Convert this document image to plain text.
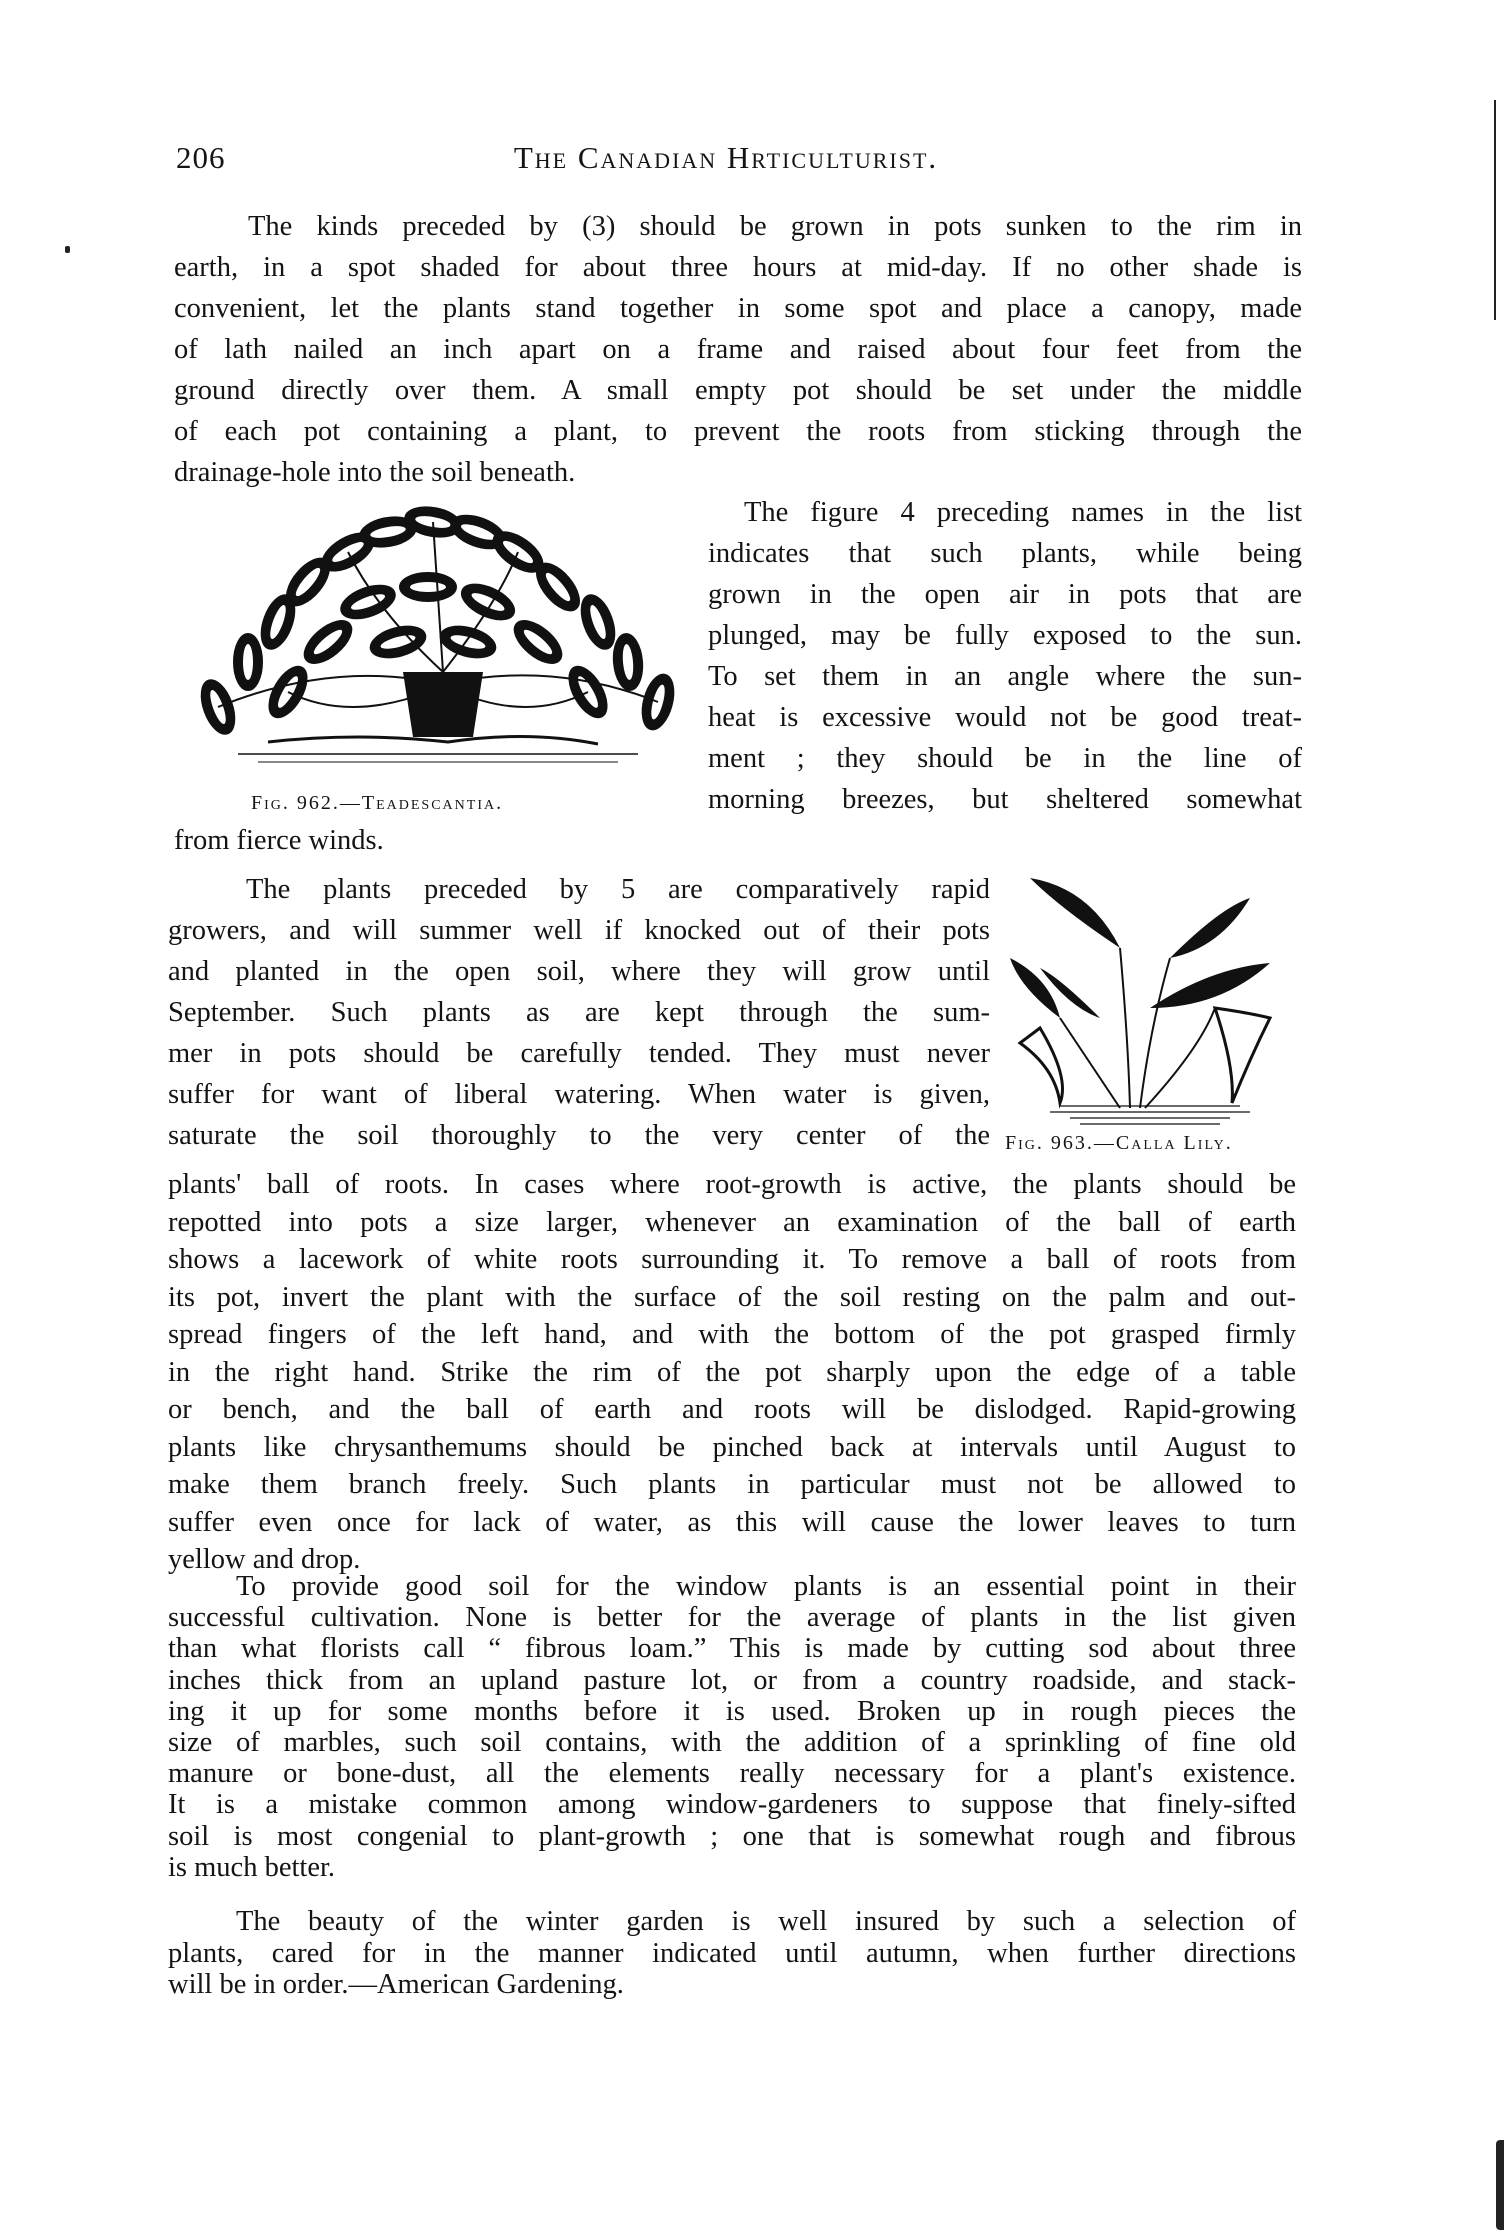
206	The Canadian Hrticulturist.
The kinds preceded by (3) should be grown in pots sunken to the rim in
earth, in a spot shaded for about three hours at mid-day. If no other shade is
convenient, let the plants stand together in some spot and place a canopy, made
of lath nailed an inch apart on a frame and raised about four feet from the
ground directly over them. A small empty pot should be set under the middle
of each pot containing a plant, to prevent the roots from sticking through the
drainage-hole into the soil beneath.
Fig. 962.—Teadescantia.
The figure 4 preceding names in the list
indicates that such plants, while being
grown in the open air in pots that are
plunged, may be fully exposed to the sun.
To set them in an angle where the sun-
heat is excessive would not be good treat-
ment ; they should be in the line of
morning breezes, but sheltered somewhat
from fierce winds.
The plants preceded by 5 are comparatively rapid
growers, and will summer well if knocked out of their pots
and planted in the open soil, where they will grow until
September. Such plants as are kept through the sum-
mer in pots should be carefully tended. They must never
suffer for want of liberal watering. When water is given,
saturate the soil thoroughly to the very center of the Fig. 963.—Calla Lily.
plants' ball of roots. In cases where root-growth is active, the plants should be
repotted into pots a size larger, whenever an examination of the ball of earth
shows a lacework of white roots surrounding it. To remove a ball of roots from
its pot, invert the plant with the surface of the soil resting on the palm and out-
spread fingers of the left hand, and with the bottom of the pot grasped firmly
in the right hand. Strike the rim of the pot sharply upon the edge of a table
or bench, and the ball of earth and roots will be dislodged. Rapid-growing
plants like chrysanthemums should be pinched back at intervals until August to
make them branch freely. Such plants in particular must not be allowed to
suffer even once for lack of water, as this will cause the lower leaves to turn
yellow and drop.
To provide good soil for the window plants is an essential point in their
successful cultivation. None is better for the average of plants in the list given
than what florists call “ fibrous loam.” This is made by cutting sod about three
inches thick from an upland pasture lot, or from a country roadside, and stack-
ing it up for some months before it is used. Broken up in rough pieces the
size of marbles, such soil contains, with the addition of a sprinkling of fine old
manure or bone-dust, all the elements really necessary for a plant's existence.
It is a mistake common among window-gardeners to suppose that finely-sifted
soil is most congenial to plant-growth ; one that is somewhat rough and fibrous
is much better.
The beauty of the winter garden is well insured by such a selection of
plants, cared for in the manner indicated until autumn, when further directions
will be in order.—American Gardening.
